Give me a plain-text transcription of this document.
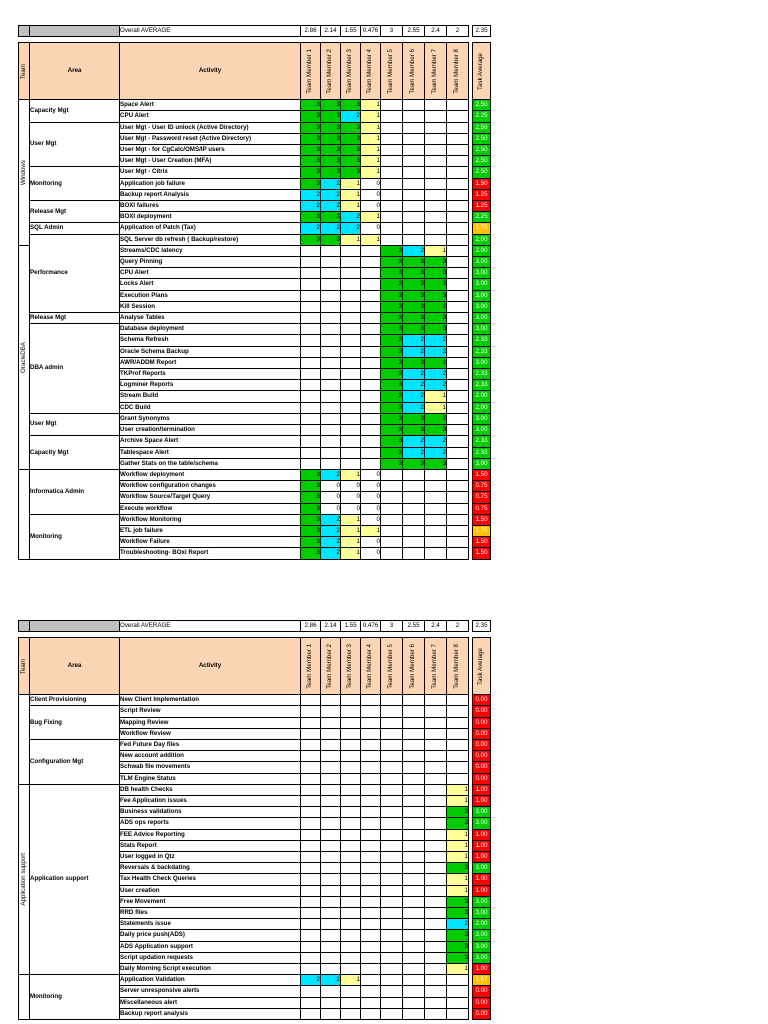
		Overall AVERAGE	2.86	2.14	1.55	0.476	3	2.55	2.4	2		2.35

Team	Area	Activity	Team Member 1	Team Member 2	Team Member 3	Team Member 4	Team Member 5	Team Member 6	Team Member 7	Team Member 8		Task Average

Windows	Capacity Mgt	Space Alert	3	3	3	1						2.50
		CPU Alert	3	3	2	1						2.25
	User Mgt	User Mgt - User ID unlock (Active Directory)	3	3	3	1						2.50
		User Mgt - Password reset (Active Directory)	3	3	3	1						2.50
		User Mgt - for CgCalc/OMS/IP users	3	3	3	1						2.50
		User Mgt - User Creation (MFA)	3	3	3	1						2.50
	Monitoring	User Mgt - Citrix	3	3	3	1						2.50
		Application job failure	3	2	1	0						1.50
		Backup report Analysis	2	2	1	0						1.25
	Release Mgt	BOXI failures	2	2	1	0						1.25
		BOXI deployment	3	3	2	1						2.25
	SQL Admin	Application of Patch (Tax)	2	2	2	0						1.75
	Performance	SQL Server db refresh ( Backup/restore)	3	3	1	1						2.00

OracleDBA		Streams/CDC latency					3	2	1			2.00
		Query Pinning					3	3	3			3.00
		CPU Alert					3	3	3			3.00
		Locks Alert					3	3	3			3.00
		Execution Plans					3	3	3			3.00
		Kill Session					3	3	3			3.00
	Release Mgt	Analyse Tables					3	3	3			3.00
	DBA admin	Database deployment					3	3	3			3.00
		Schema Refresh					3	2	2			2.33
		Oracle Schema Backup					3	2	2			2.33
		AWR/ADDM Report					3	3	3			3.00
		TKProf Reports					3	2	2			2.33
		Logminer Reports					3	2	2			2.33
		Stream Build					3	2	1			2.00
		CDC Build					3	2	1			2.00
	User Mgt	Grant Synonyms					3	3	3			3.00
		User creation/termination					3	3	3			3.00
	Capacity Mgt	Archive Space Alert					3	2	2			2.33
		Tablespace Alert					3	2	2			2.33
		Gather Stats on the table/schema					3	3	3			3.00

	Informatica Admin	Workflow deployment	3	2	1	0						1.50
		Workflow configuration changes	3	0	0	0						0.75
		Workflow Source/Target Query	3	0	0	0						0.75
		Execute workflow	3	0	0	0						0.75
	Monitoring	Workflow Monitoring	3	2	1	0						1.50
		ETL job failure	3	2	1	1						1.75
		Workflow Failure	3	2	1	0						1.50
		Troubleshooting- BOxi Report	3	2	1	0						1.50
		Overall AVERAGE	2.86	2.14	1.55	0.476	3	2.55	2.4	2		2.35

Team	Area	Activity	Team Member 1	Team Member 2	Team Member 3	Team Member 4	Team Member 5	Team Member 6	Team Member 7	Team Member 8		Task Average

	Client Provisioning	New Client Implementation										0.00
	Bug Fixing	Script Review										0.00
		Mapping Review										0.00
		Workflow Review										0.00
	Configuration Mgt	Fed Future Day files										0.00
		New account addition										0.00
		Schwab file movements										0.00
		TLM Engine Status										0.00

Application support	Application support	DB health Checks								1		1.00
		Fee Application issues								1		1.00
		Business validations								3		3.00
		ADS ops reports								3		3.00
		FEE Advice Reporting								1		1.00
		Stats Report								1		1.00
		User logged in Qtz								1		1.00
		Reversals & backdating								3		3.00
		Tax Health Check Queries								1		1.00
		User creation								1		1.00
		Free Movement								3		3.00
		RRD files								3		3.00
		Statements issue								2		2.00
		Daily price push(ADS)								3		3.00
		ADS Application support								3		3.00
		Script updation requests								3		3.00
		Daily Morning Script execution								1		1.00

	Monitoring	Application Validation	2	2	1							1.67
		Server unresponsive alerts										0.00
		Miscellaneous alert										0.00
		Backup report analysis										0.00
